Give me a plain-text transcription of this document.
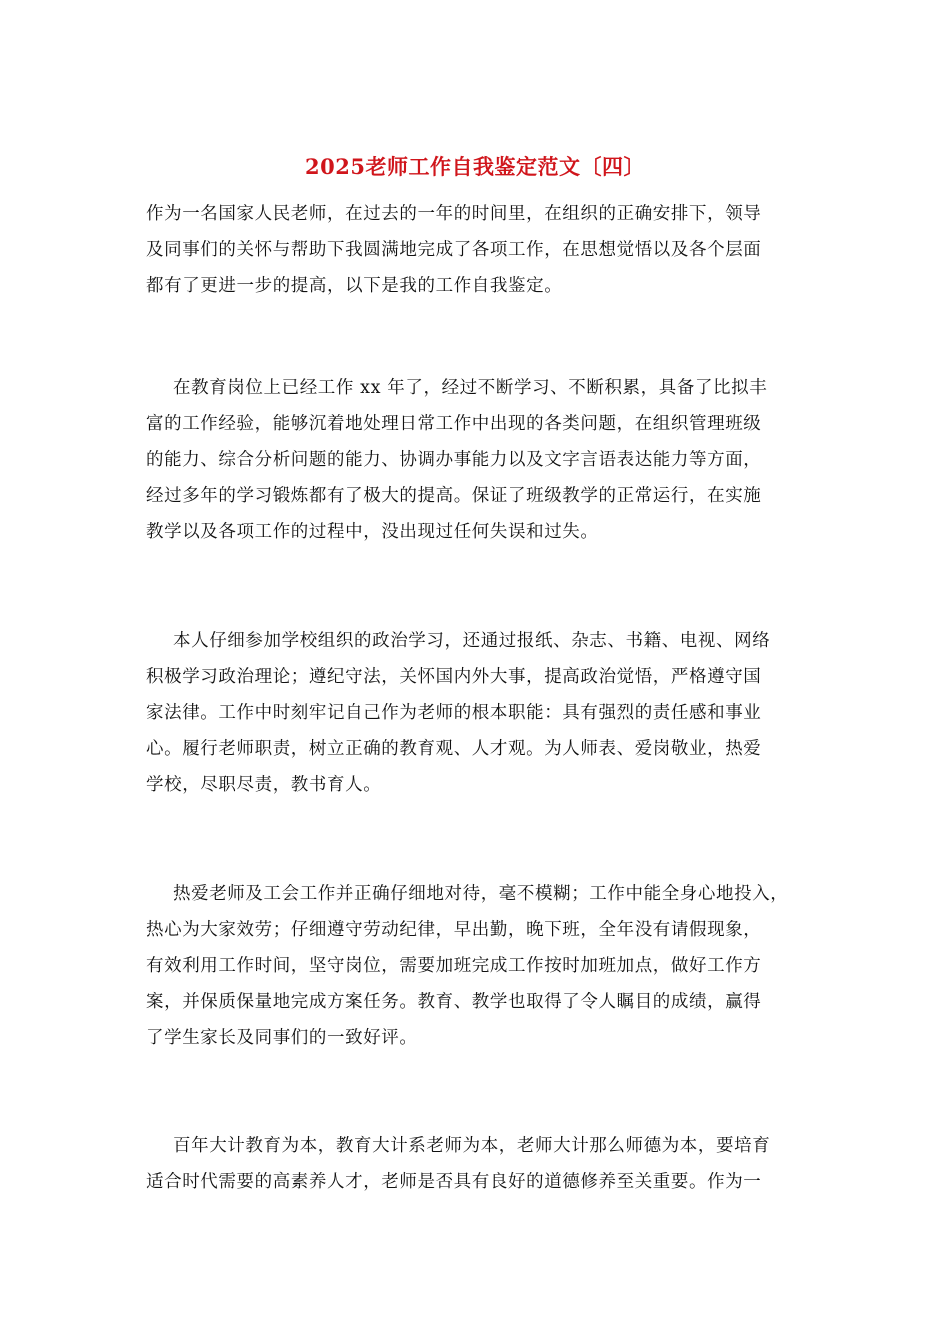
2025老师工作自我鉴定范文〔四〕
作为一名国家人民老师，在过去的一年的时间里，在组织的正确安排下，领导
及同事们的关怀与帮助下我圆满地完成了各项工作，在思想觉悟以及各个层面
都有了更进一步的提高，以下是我的工作自我鉴定。
在教育岗位上已经工作 xx 年了，经过不断学习、不断积累，具备了比拟丰
富的工作经验，能够沉着地处理日常工作中出现的各类问题，在组织管理班级
的能力、综合分析问题的能力、协调办事能力以及文字言语表达能力等方面，
经过多年的学习锻炼都有了极大的提高。保证了班级教学的正常运行，在实施
教学以及各项工作的过程中，没出现过任何失误和过失。
本人仔细参加学校组织的政治学习，还通过报纸、杂志、书籍、电视、网络
积极学习政治理论；遵纪守法，关怀国内外大事，提高政治觉悟，严格遵守国
家法律。工作中时刻牢记自己作为老师的根本职能：具有强烈的责任感和事业
心。履行老师职责，树立正确的教育观、人才观。为人师表、爱岗敬业，热爱
学校，尽职尽责，教书育人。
热爱老师及工会工作并正确仔细地对待，毫不模糊；工作中能全身心地投入，
热心为大家效劳；仔细遵守劳动纪律，早出勤，晚下班，全年没有请假现象，
有效利用工作时间，坚守岗位，需要加班完成工作按时加班加点，做好工作方
案，并保质保量地完成方案任务。教育、教学也取得了令人瞩目的成绩，赢得
了学生家长及同事们的一致好评。
百年大计教育为本，教育大计系老师为本，老师大计那么师德为本，要培育
适合时代需要的高素养人才，老师是否具有良好的道德修养至关重要。作为一
